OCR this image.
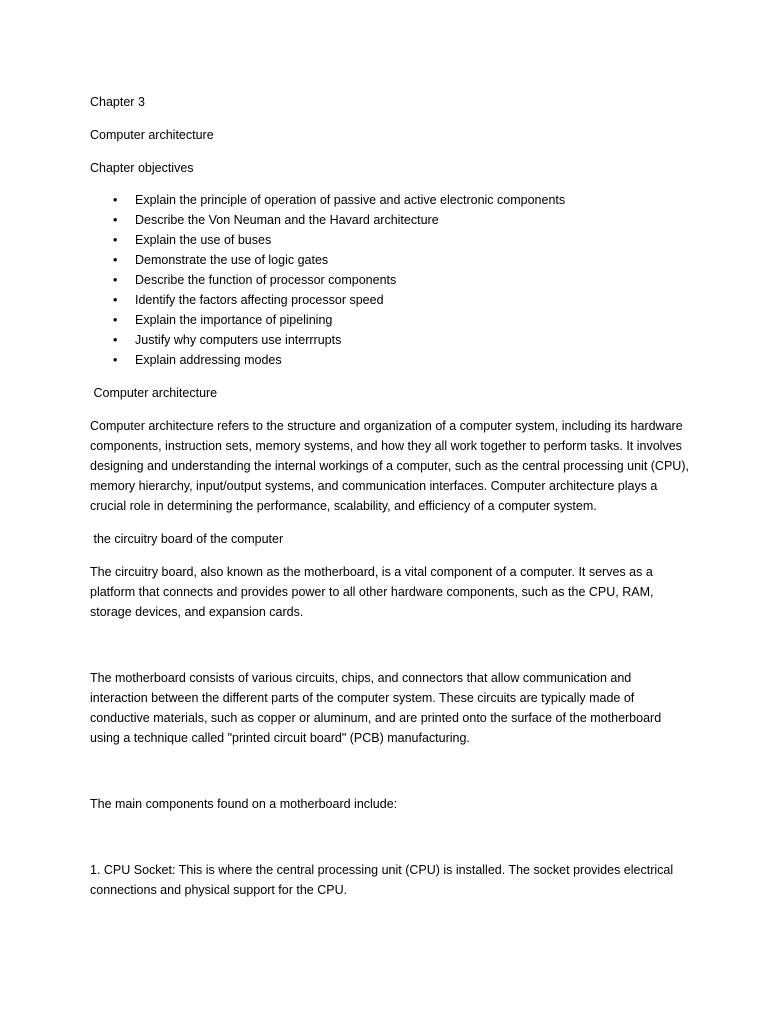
Chapter 3

Computer architecture

Chapter objectives

• Explain the principle of operation of passive and active electronic components
• Describe the Von Neuman and the Havard architecture
• Explain the use of buses
• Demonstrate the use of logic gates
• Describe the function of processor components
• Identify the factors affecting processor speed
• Explain the importance of pipelining
• Justify why computers use interrrupts
• Explain addressing modes

Computer architecture

Computer architecture refers to the structure and organization of a computer system, including its hardware components, instruction sets, memory systems, and how they all work together to perform tasks. It involves designing and understanding the internal workings of a computer, such as the central processing unit (CPU), memory hierarchy, input/output systems, and communication interfaces. Computer architecture plays a crucial role in determining the performance, scalability, and efficiency of a computer system.

the circuitry board of the computer

The circuitry board, also known as the motherboard, is a vital component of a computer. It serves as a platform that connects and provides power to all other hardware components, such as the CPU, RAM, storage devices, and expansion cards.

The motherboard consists of various circuits, chips, and connectors that allow communication and interaction between the different parts of the computer system. These circuits are typically made of conductive materials, such as copper or aluminum, and are printed onto the surface of the motherboard using a technique called "printed circuit board" (PCB) manufacturing.

The main components found on a motherboard include:

1. CPU Socket: This is where the central processing unit (CPU) is installed. The socket provides electrical connections and physical support for the CPU.
